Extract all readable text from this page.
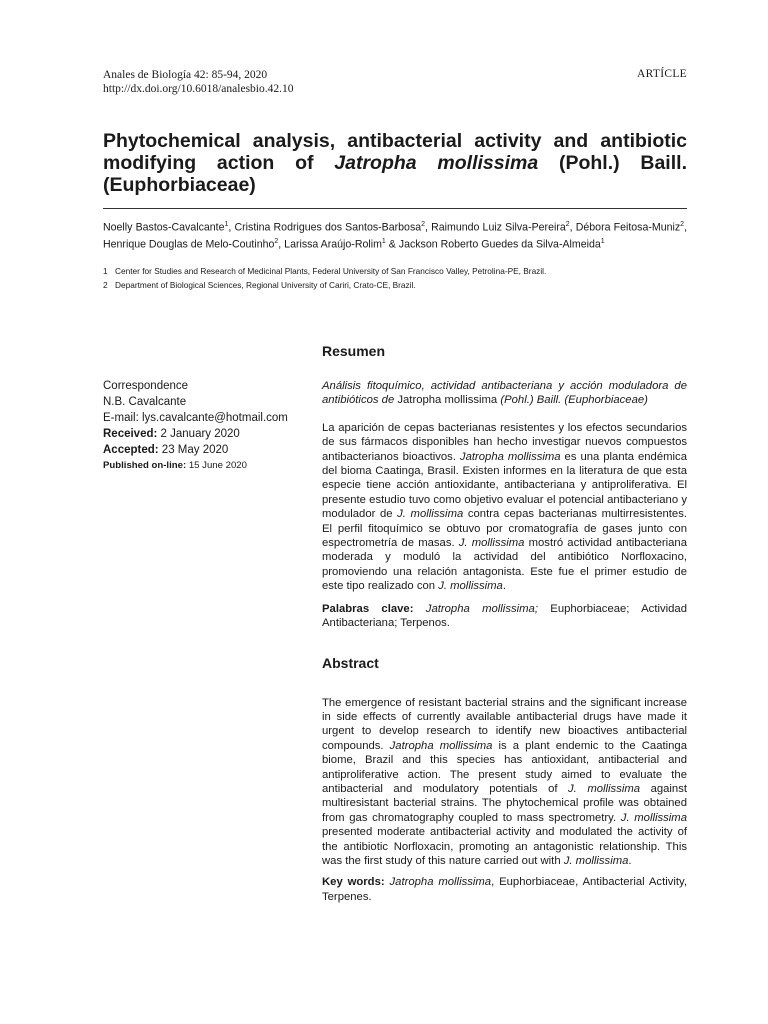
Anales de Biología 42: 85-94, 2020
http://dx.doi.org/10.6018/analesbio.42.10
ARTÍCLE
Phytochemical analysis, antibacterial activity and antibiotic modifying action of Jatropha mollissima (Pohl.) Baill. (Euphorbiaceae)

Noelly Bastos-Cavalcante$^1$, Cristina Rodrigues dos Santos-Barbosa$^2$, Raimundo Luiz Silva-Pereira$^2$, Débora Feitosa-Muniz$^2$, Henrique Douglas de Melo-Coutinho$^2$, Larissa Araújo-Rolim$^1$ & Jackson Roberto Guedes da Silva-Almeida$^1$

1 Center for Studies and Research of Medicinal Plants, Federal University of San Francisco Valley, Petrolina-PE, Brazil.
2 Department of Biological Sciences, Regional University of Cariri, Crato-CE, Brazil.
Correspondence
N.B. Cavalcante
E-mail: lys.cavalcante@hotmail.com
Received: 2 January 2020
Accepted: 23 May 2020
Published on-line: 15 June 2020
Resumen

Análisis fitoquímico, actividad antibacteriana y acción moduladora de antibióticos de Jatropha mollissima (Pohl.) Baill. (Euphorbiaceae)

La aparición de cepas bacterianas resistentes y los efectos secundarios de sus fármacos disponibles han hecho investigar nuevos compuestos antibacterianos bioactivos. Jatropha mollissima es una planta endémica del bioma Caatinga, Brasil. Existen informes en la literatura de que esta especie tiene acción antioxidante, antibacteriana y antiproliferativa. El presente estudio tuvo como objetivo evaluar el potencial antibacteriano y modulador de J. mollissima contra cepas bacterianas multirresistentes. El perfil fitoquímico se obtuvo por cromatografía de gases junto con espectrometría de masas. J. mollissima mostró actividad antibacteriana moderada y moduló la actividad del antibiótico Norfloxacino, promoviendo una relación antagonista. Este fue el primer estudio de este tipo realizado con J. mollissima.

Palabras clave: Jatropha mollissima; Euphorbiaceae; Actividad Antibacteriana; Terpenos.

Abstract

The emergence of resistant bacterial strains and the significant increase in side effects of currently available antibacterial drugs have made it urgent to develop research to identify new bioactives antibacterial compounds. Jatropha mollissima is a plant endemic to the Caatinga biome, Brazil and this species has antioxidant, antibacterial and antiproliferative action. The present study aimed to evaluate the antibacterial and modulatory potentials of J. mollissima against multiresistant bacterial strains. The phytochemical profile was obtained from gas chromatography coupled to mass spectrometry. J. mollissima presented moderate antibacterial activity and modulated the activity of the antibiotic Norfloxacin, promoting an antagonistic relationship. This was the first study of this nature carried out with J. mollissima.

Key words: Jatropha mollissima, Euphorbiaceae, Antibacterial Activity, Terpenes.
